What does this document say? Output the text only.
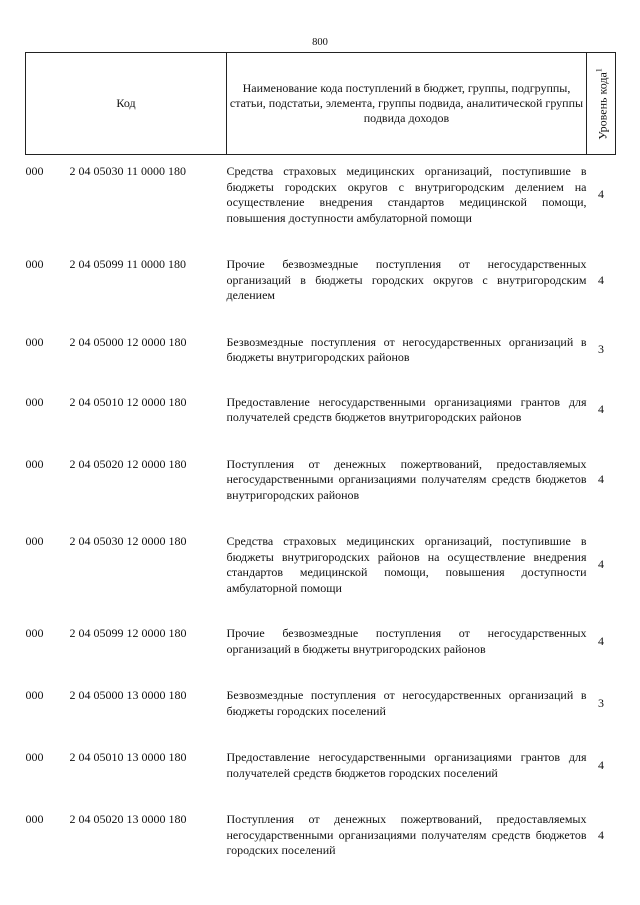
800
Код		Наименование кода поступлений в бюджет, группы, подгруппы, статьи, подстатьи, элемента, группы подвида, аналитической группы подвида доходов	Уровень кода$^1$

000	2 04 05030 11 0000 180	Средства страховых медицинских организаций, поступившие в бюджеты городских округов с внутригородским делением на осуществление внедрения стандартов медицинской помощи, повышения доступности амбулаторной помощи	4

000	2 04 05099 11 0000 180	Прочие безвозмездные поступления от негосударственных организаций в бюджеты городских округов с внутригородским делением	4

000	2 04 05000 12 0000 180	Безвозмездные поступления от негосударственных организаций в бюджеты внутригородских районов	3

000	2 04 05010 12 0000 180	Предоставление негосударственными организациями грантов для получателей средств бюджетов внутригородских районов	4

000	2 04 05020 12 0000 180	Поступления от денежных пожертвований, предоставляемых негосударственными организациями получателям средств бюджетов внутригородских районов	4

000	2 04 05030 12 0000 180	Средства страховых медицинских организаций, поступившие в бюджеты внутригородских районов на осуществление внедрения стандартов медицинской помощи, повышения доступности амбулаторной помощи	4

000	2 04 05099 12 0000 180	Прочие безвозмездные поступления от негосударственных организаций в бюджеты внутригородских районов	4

000	2 04 05000 13 0000 180	Безвозмездные поступления от негосударственных организаций в бюджеты городских поселений	3

000	2 04 05010 13 0000 180	Предоставление негосударственными организациями грантов для получателей средств бюджетов городских поселений	4

000	2 04 05020 13 0000 180	Поступления от денежных пожертвований, предоставляемых негосударственными организациями получателям средств бюджетов городских поселений	4
